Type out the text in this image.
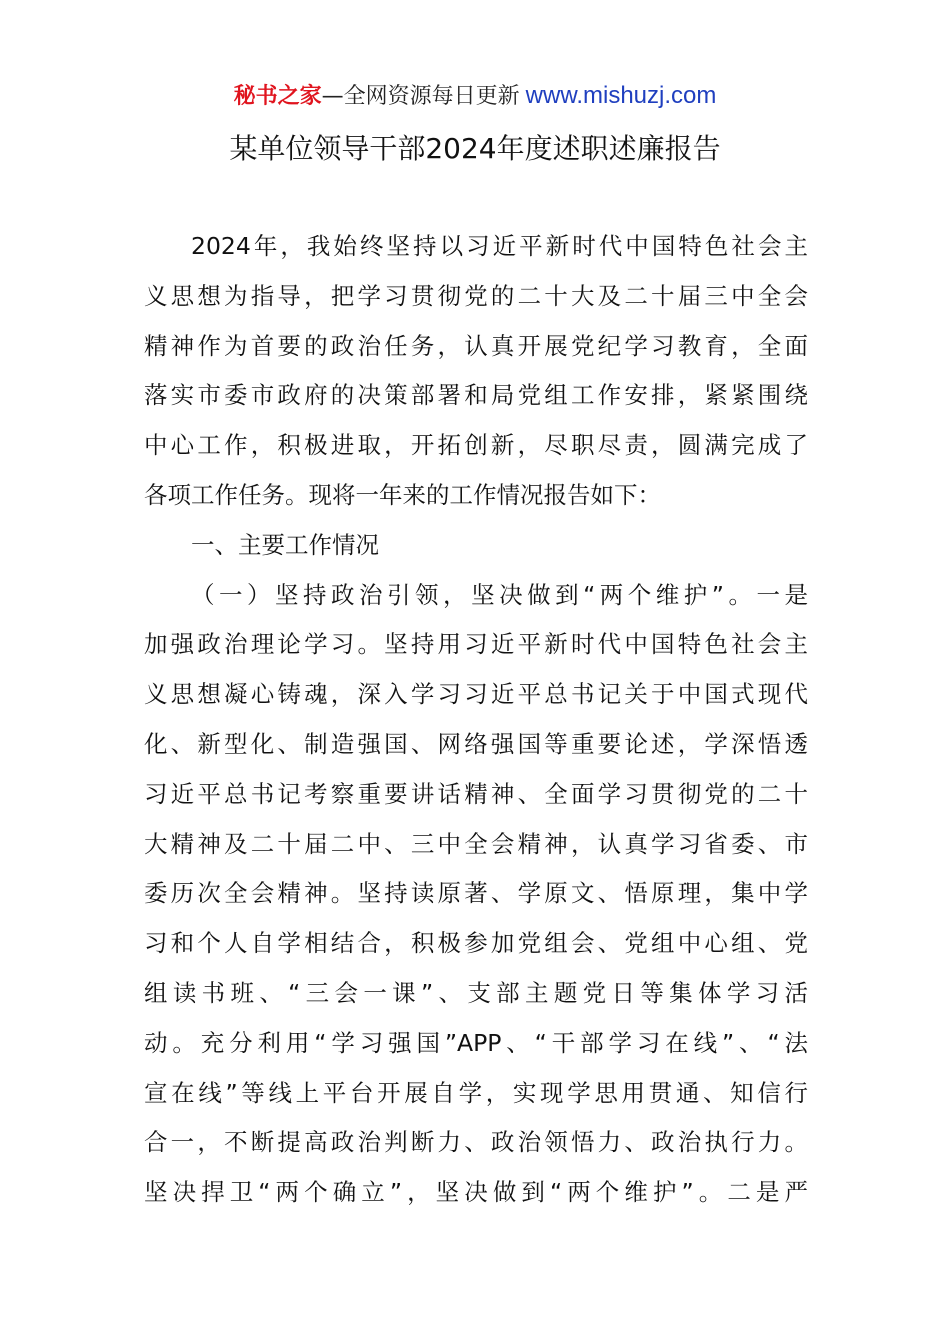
秘书之家—全网资源每日更新 www.mishuzj.com
某单位领导干部2024年度述职述廉报告
2024年，我始终坚持以习近平新时代中国特色社会主
义思想为指导，把学习贯彻党的二十大及二十届三中全会
精神作为首要的政治任务，认真开展党纪学习教育，全面
落实市委市政府的决策部署和局党组工作安排，紧紧围绕
中心工作，积极进取，开拓创新，尽职尽责，圆满完成了
各项工作任务。现将一年来的工作情况报告如下：
一、主要工作情况
（一）坚持政治引领，坚决做到“两个维护”。一是
加强政治理论学习。坚持用习近平新时代中国特色社会主
义思想凝心铸魂，深入学习习近平总书记关于中国式现代
化、新型化、制造强国、网络强国等重要论述，学深悟透
习近平总书记考察重要讲话精神、全面学习贯彻党的二十
大精神及二十届二中、三中全会精神，认真学习省委、市
委历次全会精神。坚持读原著、学原文、悟原理，集中学
习和个人自学相结合，积极参加党组会、党组中心组、党
组读书班、“三会一课”、支部主题党日等集体学习活
动。充分利用“学习强国”APP、“干部学习在线”、“法
宣在线”等线上平台开展自学，实现学思用贯通、知信行
合一，不断提高政治判断力、政治领悟力、政治执行力。
坚决捍卫“两个确立”，坚决做到“两个维护”。二是严
